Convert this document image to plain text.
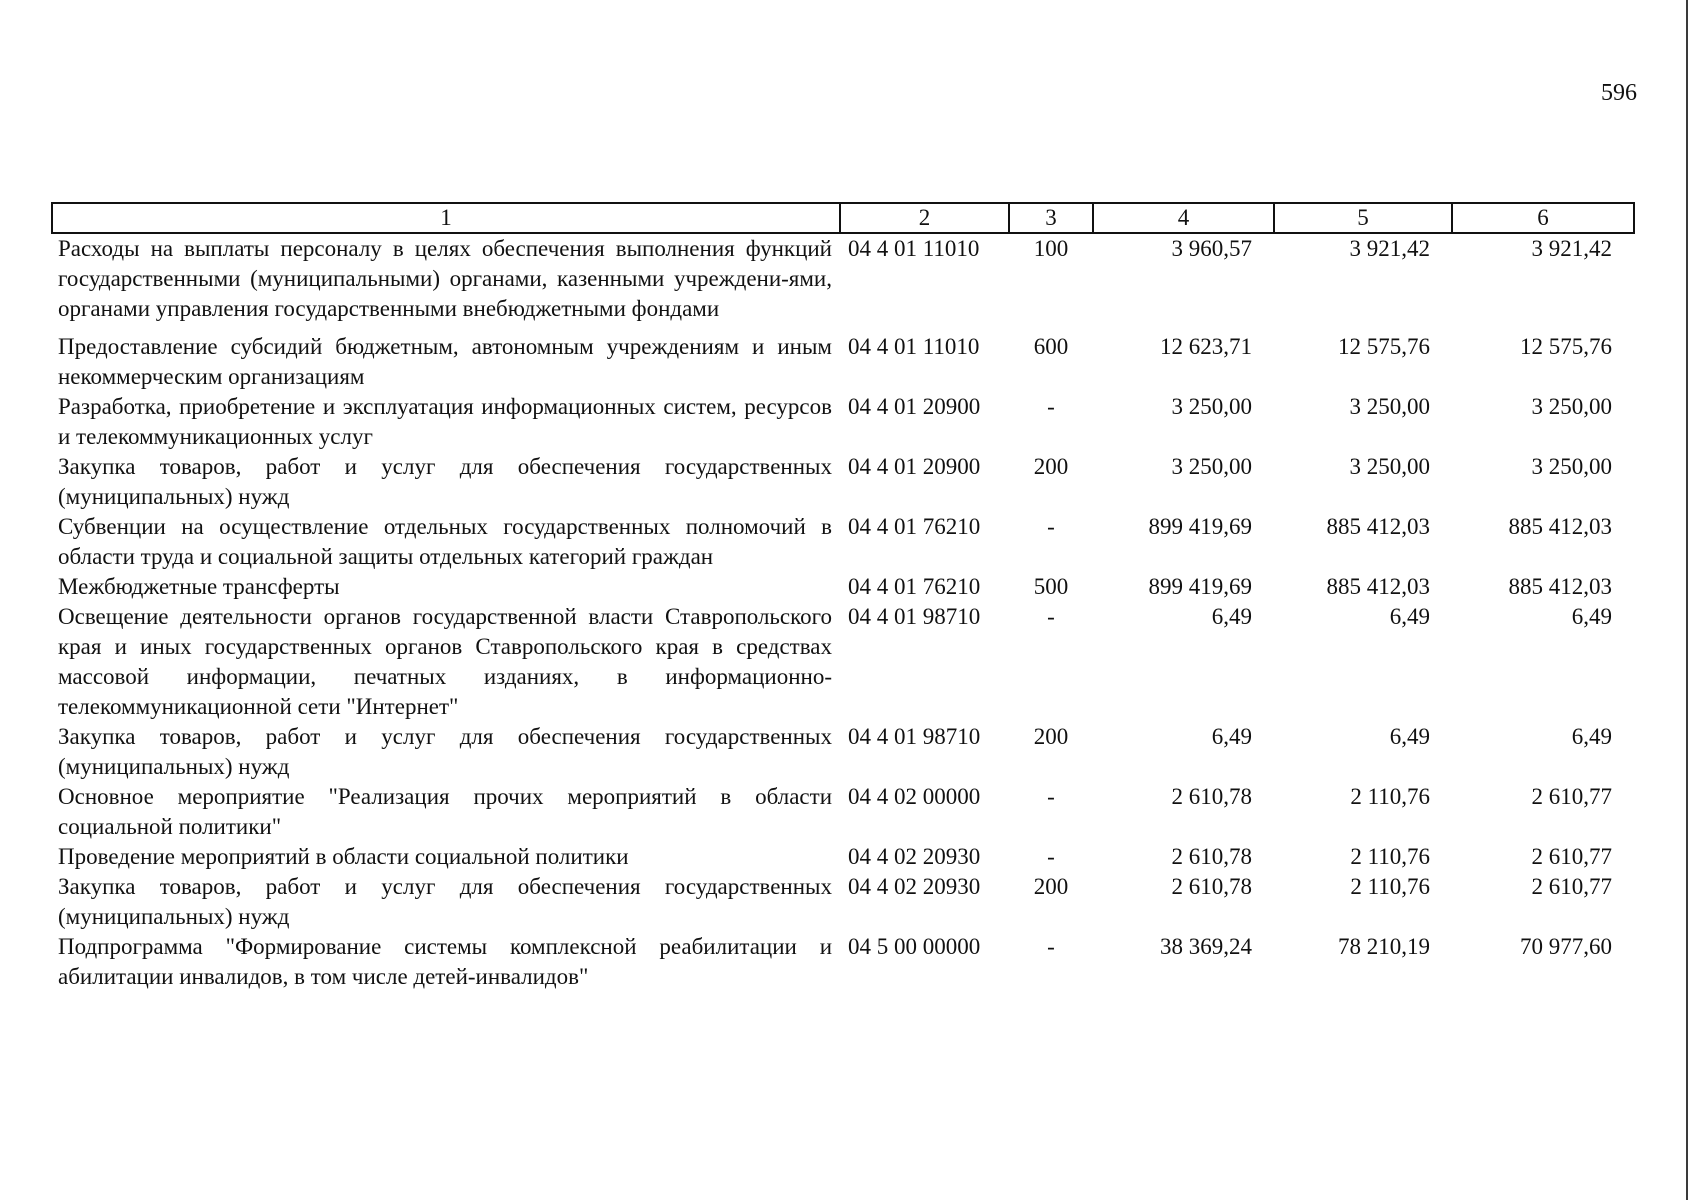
596
1	2	3	4	5	6
Расходы на выплаты персоналу в целях обеспечения выполнения функций государственными (муниципальными) органами, казенными учреждени-ями, органами управления государственными внебюджетными фондами	04 4 01 11010	100	3 960,57	3 921,42	3 921,42
Предоставление субсидий бюджетным, автономным учреждениям и иным некоммерческим организациям	04 4 01 11010	600	12 623,71	12 575,76	12 575,76
Разработка, приобретение и эксплуатация информационных систем, ресурсов и телекоммуникационных услуг	04 4 01 20900	-	3 250,00	3 250,00	3 250,00
Закупка товаров, работ и услуг для обеспечения государственных (муниципальных) нужд	04 4 01 20900	200	3 250,00	3 250,00	3 250,00
Субвенции на осуществление отдельных государственных полномочий в области труда и социальной защиты отдельных категорий граждан	04 4 01 76210	-	899 419,69	885 412,03	885 412,03
Межбюджетные трансферты	04 4 01 76210	500	899 419,69	885 412,03	885 412,03
Освещение деятельности органов государственной власти Ставропольского края и иных государственных органов Ставропольского края в средствах массовой информации, печатных изданиях, в информационно-телекоммуникационной сети "Интернет"	04 4 01 98710	-	6,49	6,49	6,49
Закупка товаров, работ и услуг для обеспечения государственных (муниципальных) нужд	04 4 01 98710	200	6,49	6,49	6,49
Основное мероприятие "Реализация прочих мероприятий в области социальной политики"	04 4 02 00000	-	2 610,78	2 110,76	2 610,77
Проведение мероприятий в области социальной политики	04 4 02 20930	-	2 610,78	2 110,76	2 610,77
Закупка товаров, работ и услуг для обеспечения государственных (муниципальных) нужд	04 4 02 20930	200	2 610,78	2 110,76	2 610,77
Подпрограмма "Формирование системы комплексной реабилитации и абилитации инвалидов, в том числе детей-инвалидов"	04 5 00 00000	-	38 369,24	78 210,19	70 977,60
